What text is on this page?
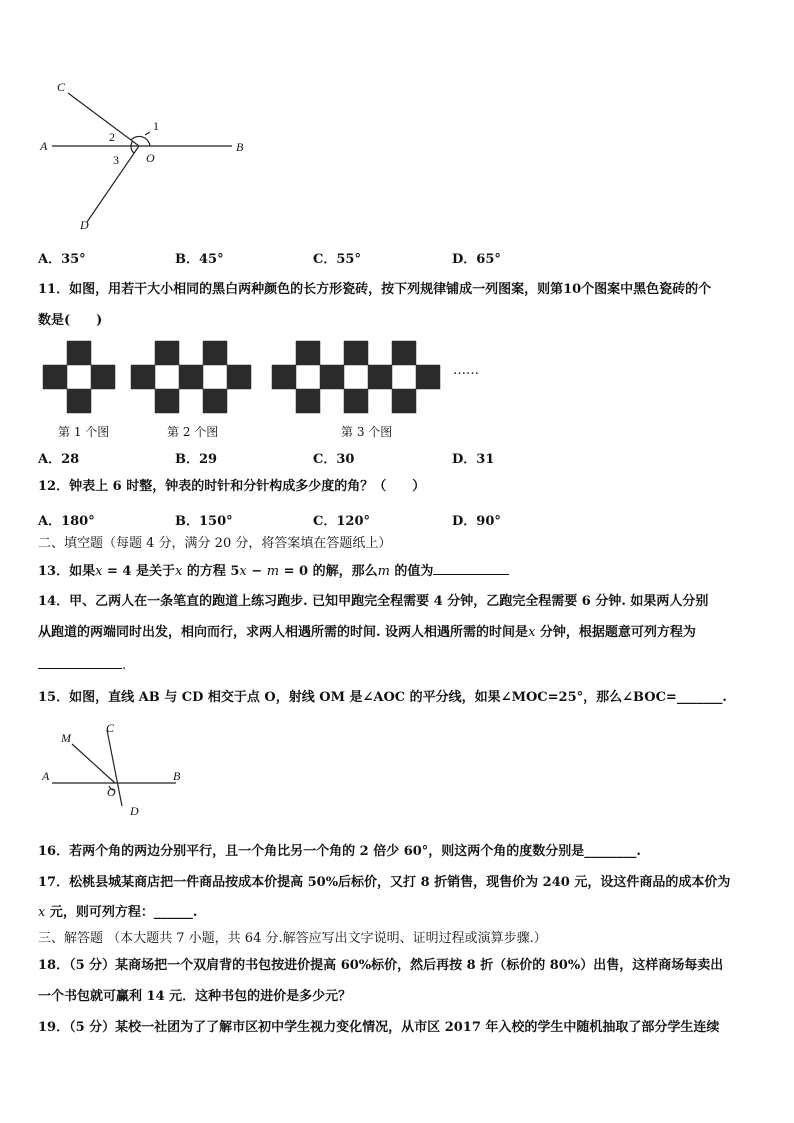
C
A	B
O
D
1
2
3
A．35°	B．45°	C．55°	D．65°
11．如图，用若干大小相同的黑白两种颜色的长方形瓷砖，按下列规律铺成一列图案，则第10个图案中黑色瓷砖的个
数是(　　)
……
第 1 个图	第 2 个图	第 3 个图
A．28	B．29	C．30	D．31
12．钟表上 6 时整，钟表的时针和分针构成多少度的角？（　　）
A．180°	B．150°	C．120°	D．90°
二、填空题（每题 4 分，满分 20 分，将答案填在答题纸上）
13．如果x = 4 是关于x 的方程 5x − m = 0 的解，那么m 的值为
14．甲、乙两人在一条笔直的跑道上练习跑步. 已知甲跑完全程需要 4 分钟，乙跑完全程需要 6 分钟. 如果两人分别
从跑道的两端同时出发，相向而行，求两人相遇所需的时间. 设两人相遇所需的时间是x 分钟，根据题意可列方程为
.
15．如图，直线 AB 与 CD 相交于点 O，射线 OM 是∠AOC 的平分线，如果∠MOC=25°，那么∠BOC=_______.
M
C
A	B
O
D
16．若两个角的两边分别平行，且一个角比另一个角的 2 倍少 60°，则这两个角的度数分别是________.
17．松桃县城某商店把一件商品按成本价提高 50%后标价，又打 8 折销售，现售价为 240 元，设这件商品的成本价为
x 元，则可列方程：______.
三、解答题 （本大题共 7 小题，共 64 分.解答应写出文字说明、证明过程或演算步骤.）
18．（5 分）某商场把一个双肩背的书包按进价提高 60%标价，然后再按 8 折（标价的 80%）出售，这样商场每卖出
一个书包就可赢利 14 元．这种书包的进价是多少元？
19．（5 分）某校一社团为了了解市区初中学生视力变化情况，从市区 2017 年入校的学生中随机抽取了部分学生连续
